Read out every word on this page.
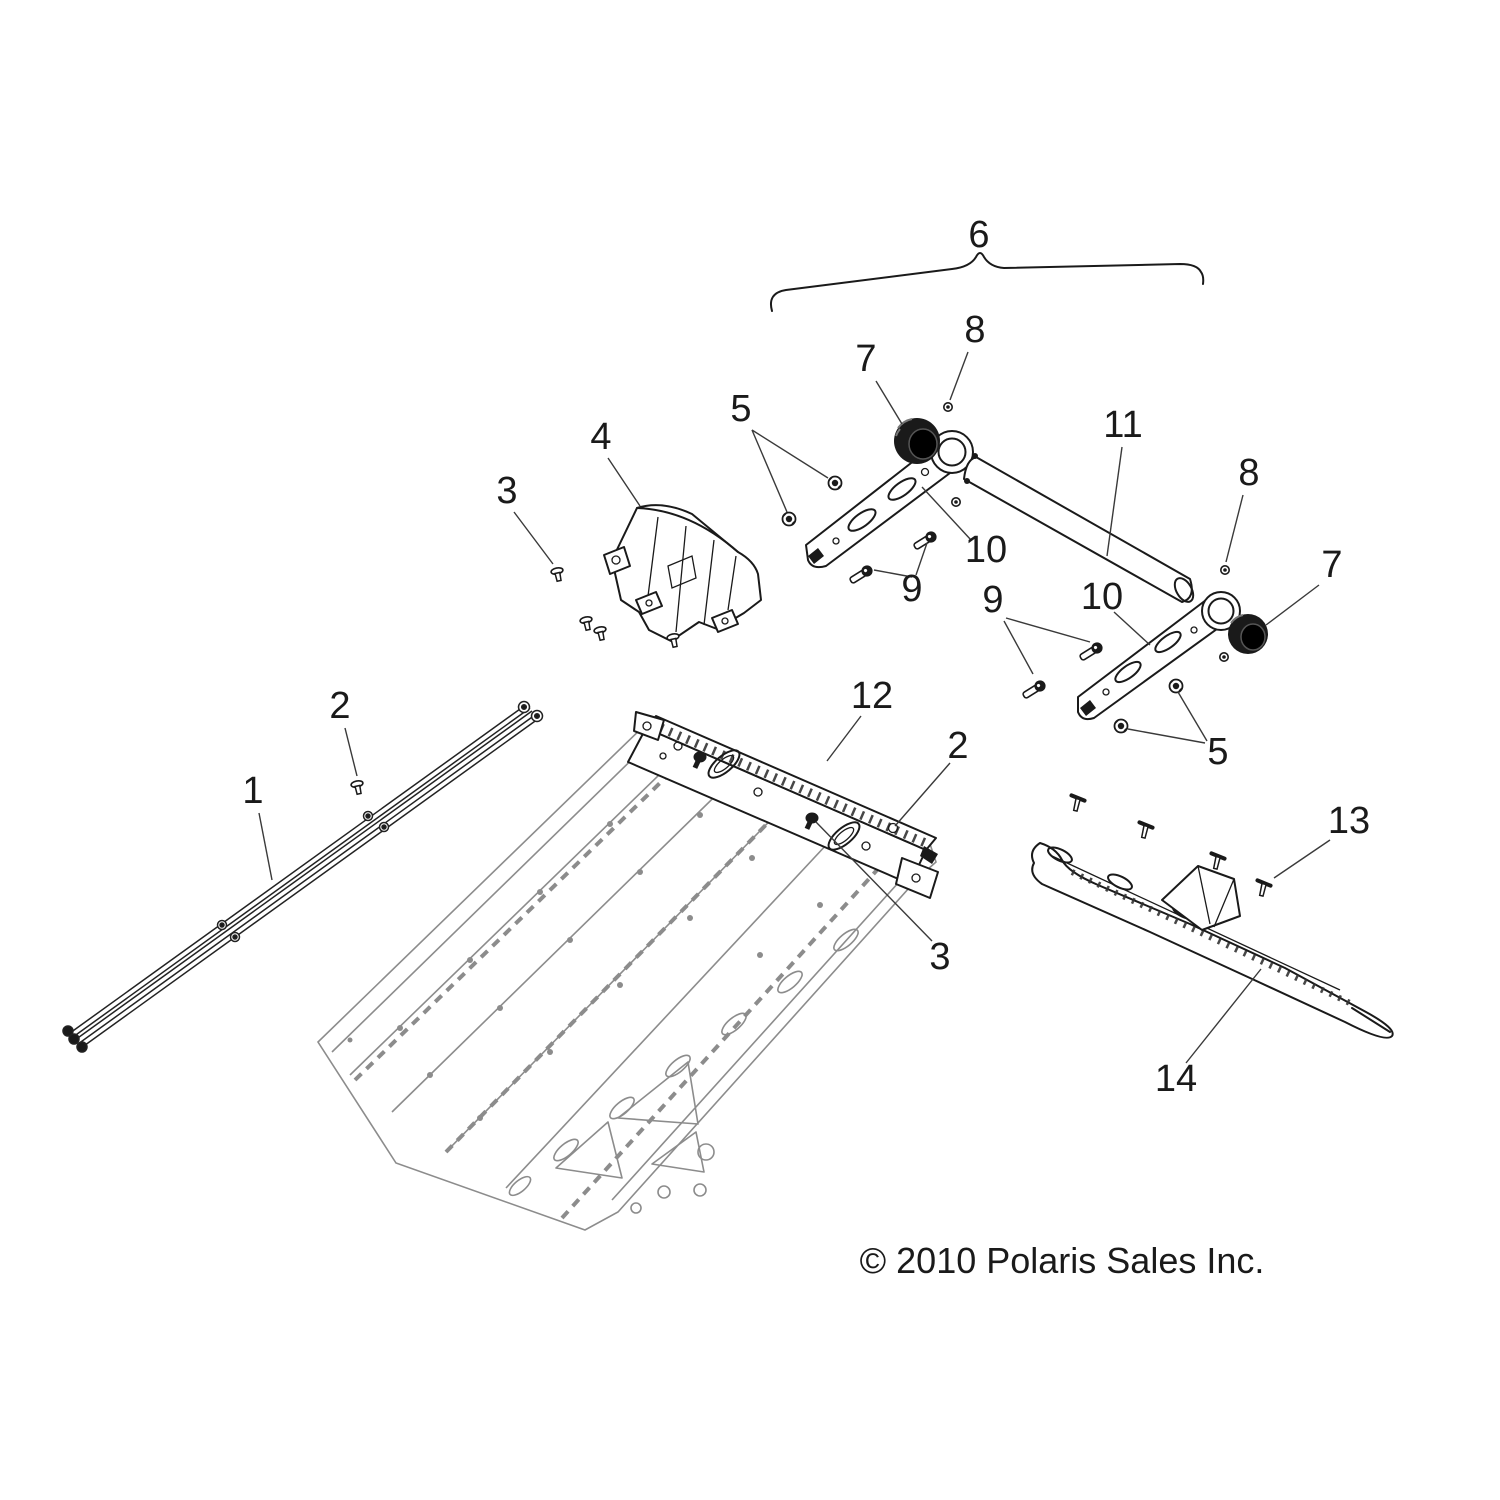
1
2
3
4
5
6
7
8
9
10
11
8
7
9 10
5
12
2
3
13
14
© 2010 Polaris Sales Inc.
